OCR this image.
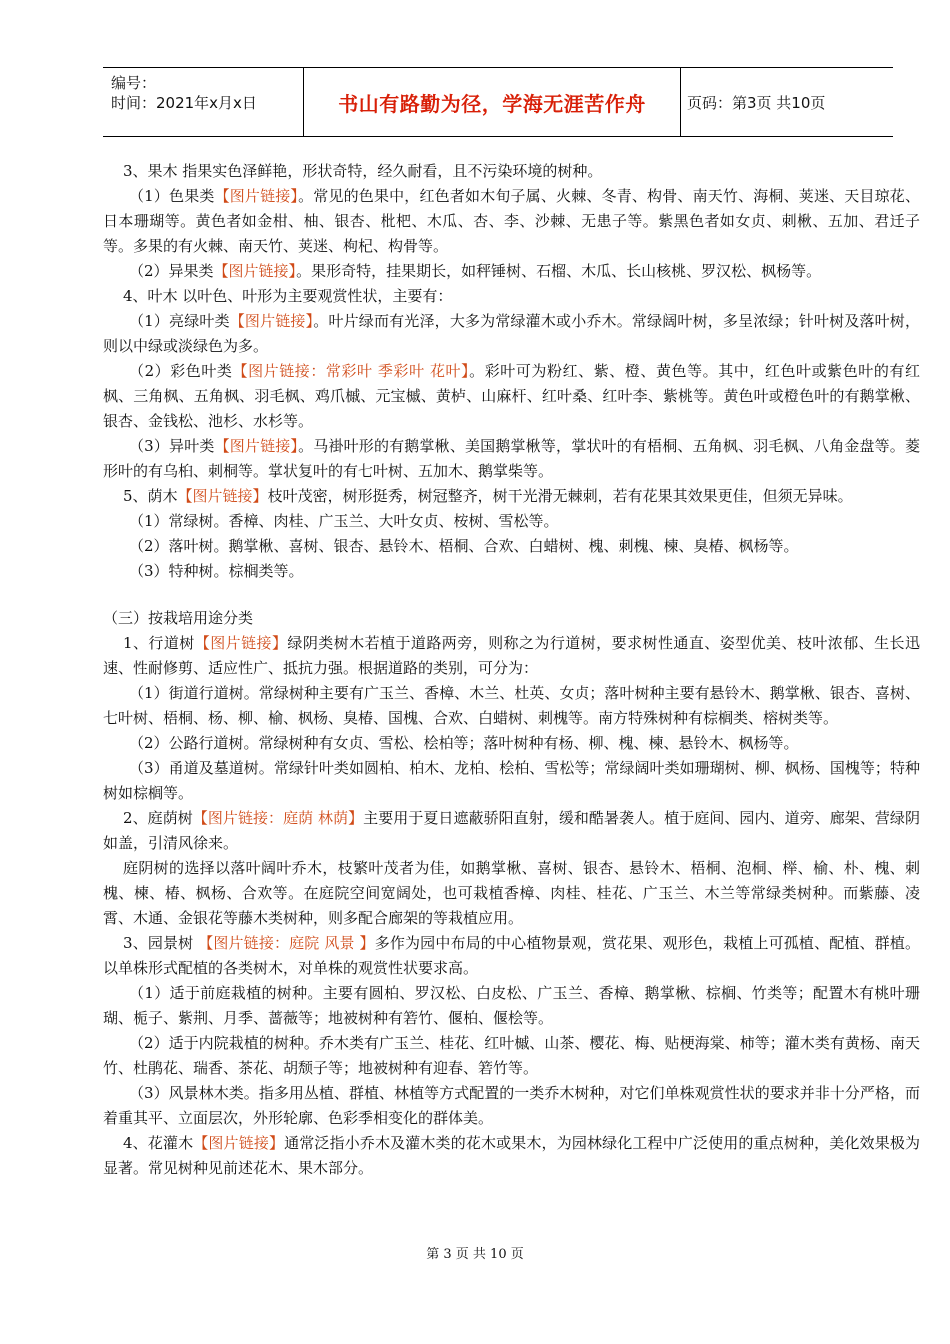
编号：
时间：2021年x月x日	书山有路勤为径，学海无涯苦作舟	页码：第3页 共10页

3、果木 指果实色泽鲜艳，形状奇特，经久耐看，且不污染环境的树种。

（1）色果类【图片链接】。常见的色果中，红色者如木旬子属、火棘、冬青、构骨、南天竹、海桐、荚迷、天目琼花、日本珊瑚等。黄色者如金柑、柚、银杏、枇杷、木瓜、杏、李、沙棘、无患子等。紫黑色者如女贞、刺楸、五加、君迁子等。多果的有火棘、南天竹、荚迷、枸杞、构骨等。

（2）异果类【图片链接】。果形奇特，挂果期长，如秤锤树、石榴、木瓜、长山核桃、罗汉松、枫杨等。

4、叶木 以叶色、叶形为主要观赏性状，主要有：

（1）亮绿叶类【图片链接】。叶片绿而有光泽，大多为常绿灌木或小乔木。常绿阔叶树，多呈浓绿；针叶树及落叶树，则以中绿或淡绿色为多。

（2）彩色叶类【图片链接：常彩叶 季彩叶 花叶】。彩叶可为粉红、紫、橙、黄色等。其中，红色叶或紫色叶的有红枫、三角枫、五角枫、羽毛枫、鸡爪槭、元宝槭、黄栌、山麻杆、红叶桑、红叶李、紫桃等。黄色叶或橙色叶的有鹅掌楸、银杏、金钱松、池杉、水杉等。

（3）异叶类【图片链接】。马褂叶形的有鹅掌楸、美国鹅掌楸等，掌状叶的有梧桐、五角枫、羽毛枫、八角金盘等。菱形叶的有乌桕、刺桐等。掌状复叶的有七叶树、五加木、鹅掌柴等。

5、荫木【图片链接】枝叶茂密，树形挺秀，树冠整齐，树干光滑无棘刺，若有花果其效果更佳，但须无异味。

（1）常绿树。香樟、肉桂、广玉兰、大叶女贞、桉树、雪松等。

（2）落叶树。鹅掌楸、喜树、银杏、悬铃木、梧桐、合欢、白蜡树、槐、刺槐、楝、臭椿、枫杨等。

（3）特种树。棕榈类等。

（三）按栽培用途分类

1、行道树【图片链接】绿阴类树木若植于道路两旁，则称之为行道树，要求树性通直、姿型优美、枝叶浓郁、生长迅速、性耐修剪、适应性广、抵抗力强。根据道路的类别，可分为：

（1）街道行道树。常绿树种主要有广玉兰、香樟、木兰、杜英、女贞；落叶树种主要有悬铃木、鹅掌楸、银杏、喜树、七叶树、梧桐、杨、柳、榆、枫杨、臭椿、国槐、合欢、白蜡树、刺槐等。南方特殊树种有棕榈类、榕树类等。

（2）公路行道树。常绿树种有女贞、雪松、桧柏等；落叶树种有杨、柳、槐、楝、悬铃木、枫杨等。

（3）甬道及墓道树。常绿针叶类如圆柏、柏木、龙柏、桧柏、雪松等；常绿阔叶类如珊瑚树、柳、枫杨、国槐等；特种树如棕榈等。

2、庭荫树【图片链接：庭荫 林荫】主要用于夏日遮蔽骄阳直射，缓和酷暑袭人。植于庭间、园内、道旁、廊架、营绿阴如盖，引清风徐来。

庭阴树的选择以落叶阔叶乔木，枝繁叶茂者为佳，如鹅掌楸、喜树、银杏、悬铃木、梧桐、泡桐、榉、榆、朴、槐、刺槐、楝、椿、枫杨、合欢等。在庭院空间宽阔处，也可栽植香樟、肉桂、桂花、广玉兰、木兰等常绿类树种。而紫藤、凌霄、木通、金银花等藤木类树种，则多配合廊架的等栽植应用。

3、园景树 【图片链接：庭院 风景 】多作为园中布局的中心植物景观，赏花果、观形色，栽植上可孤植、配植、群植。以单株形式配植的各类树木，对单株的观赏性状要求高。

（1）适于前庭栽植的树种。主要有圆柏、罗汉松、白皮松、广玉兰、香樟、鹅掌楸、棕榈、竹类等；配置木有桃叶珊瑚、栀子、紫荆、月季、蔷薇等；地被树种有箬竹、偃柏、偃桧等。

（2）适于内院栽植的树种。乔木类有广玉兰、桂花、红叶槭、山茶、樱花、梅、贴梗海棠、柿等；灌木类有黄杨、南天竹、杜鹃花、瑞香、茶花、胡颓子等；地被树种有迎春、箬竹等。

（3）风景林木类。指多用丛植、群植、林植等方式配置的一类乔木树种，对它们单株观赏性状的要求并非十分严格，而着重其平、立面层次，外形轮廓、色彩季相变化的群体美。

4、花灌木【图片链接】通常泛指小乔木及灌木类的花木或果木，为园林绿化工程中广泛使用的重点树种，美化效果极为显著。常见树种见前述花木、果木部分。

第 3 页 共 10 页
